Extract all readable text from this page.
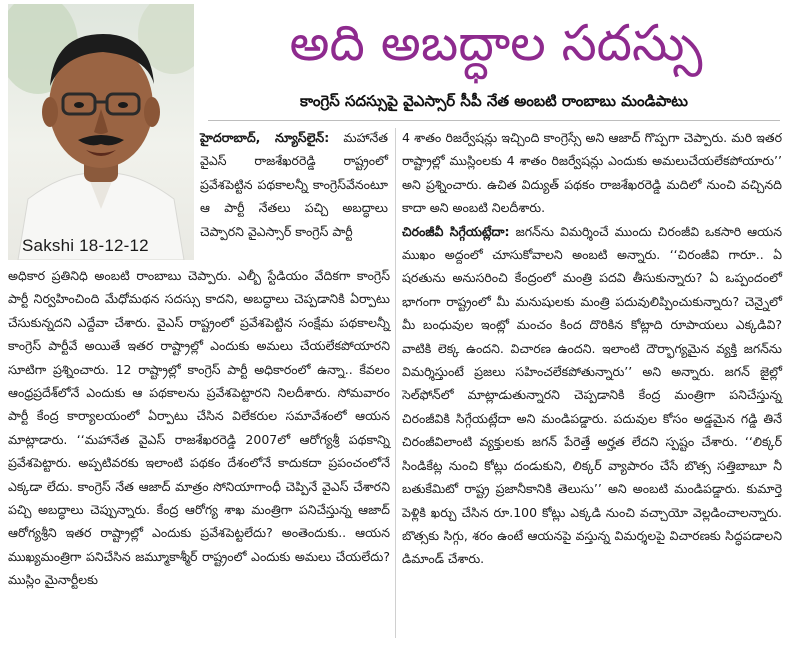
Sakshi 18-12-12
అది అబద్ధాల సదస్సు
కాంగ్రెస్ సదస్సుపై వైఎస్సార్ సీపీ నేత అంబటి రాంబాబు మండిపాటు

హైదరాబాద్, న్యూస్‌లైన్: మహానేత వైఎస్ రాజశేఖరరెడ్డి రాష్ట్రంలో ప్రవేశపెట్టిన పథకాలన్నీ కాంగ్రెస్‌వేనంటూ ఆ పార్టీ నేతలు పచ్చి అబద్ధాలు చెప్పారని వైఎస్సార్ కాంగ్రెస్ పార్టీ

అధికార ప్రతినిధి అంబటి రాంబాబు చెప్పారు. ఎల్బీ స్టేడియం వేదికగా కాంగ్రెస్ పార్టీ నిర్వహించింది మేధోమథన సదస్సు కాదని, అబద్ధాలు చెప్పడానికి ఏర్పాటు చేసుకున్నదని ఎద్దేవా చేశారు. వైఎస్ రాష్ట్రంలో ప్రవేశపెట్టిన సంక్షేమ పథకాలన్నీ కాంగ్రెస్ పార్టీవే అయితే ఇతర రాష్ట్రాల్లో ఎందుకు అమలు చేయలేకపోయారని సూటిగా ప్రశ్నించారు. 12 రాష్ట్రాల్లో కాంగ్రెస్ పార్టీ అధికారంలో ఉన్నా.. కేవలం ఆంధ్రప్రదేశ్‌లోనే ఎందుకు ఆ పథకాలను ప్రవేశపెట్టారని నిలదీశారు. సోమవారం పార్టీ కేంద్ర కార్యాలయంలో ఏర్పాటు చేసిన విలేకరుల సమావేశంలో ఆయన మాట్లాడారు. ‘‘మహానేత వైఎస్ రాజశేఖరరెడ్డి 2007లో ఆరోగ్యశ్రీ పథకాన్ని ప్రవేశపెట్టారు. అప్పటివరకు ఇలాంటి పథకం దేశంలోనే కాదుకదా ప్రపంచంలోనే ఎక్కడా లేదు. కాంగ్రెస్ నేత ఆజాద్ మాత్రం సోనియాగాంధీ చెప్పినే వైఎస్ చేశారని పచ్చి అబద్ధాలు చెప్పున్నారు. కేంద్ర ఆరోగ్య శాఖ మంత్రిగా పనిచేస్తున్న ఆజాద్ ఆరోగ్యశ్రీని ఇతర రాష్ట్రాల్లో ఎందుకు ప్రవేశపెట్టలేదు? అంతెందుకు.. ఆయన ముఖ్యమంత్రిగా పనిచేసిన జమ్మూకాశ్మీర్ రాష్ట్రంలో ఎందుకు అమలు చేయలేదు? ముస్లిం మైనార్టీలకు

4 శాతం రిజర్వేషన్లు ఇచ్చింది కాంగ్రెస్సే అని ఆజాద్ గొప్పగా చెప్పారు. మరి ఇతర రాష్ట్రాల్లో ముస్లింలకు 4 శాతం రిజర్వేషన్లు ఎందుకు అమలుచేయలేకపోయారు’’ అని ప్రశ్నించారు. ఉచిత విద్యుత్ పథకం రాజశేఖరరెడ్డి మదిలో నుంచి వచ్చినది కాదా అని అంబటి నిలదీశారు.

చిరంజీవీ సిగ్గేయట్లేదా: జగన్‌ను విమర్శించే ముందు చిరంజీవి ఒకసారి ఆయన ముఖం అద్దంలో చూసుకోవాలని అంబటి అన్నారు. ‘‘చిరంజీవి గారూ.. ఏ షరతును అనుసరించి కేంద్రంలో మంత్రి పదవి తీసుకున్నారు? ఏ ఒప్పందంలో భాగంగా రాష్ట్రంలో మీ మనుషులకు మంత్రి పదువులిప్పించుకున్నారు? చెన్నైలో మీ బంధువుల ఇంట్లో మంచం కింద దొరికిన కోట్లాది రూపాయలు ఎక్కడివి? వాటికి లెక్క ఉందని. విచారణ ఉందని. ఇలాంటి దౌర్భాగ్యమైన వ్యక్తి జగన్‌ను విమర్శిస్తుంటే ప్రజలు సహించలేకపోతున్నారు’’ అని అన్నారు. జగన్ జైల్లో సెల్‌ఫోన్‌లో మాట్లాడుతున్నారని చెప్పడానికి కేంద్ర మంత్రిగా పనిచేస్తున్న చిరంజీవికి సిగ్గేయట్లేదా అని మండిపడ్డారు. పదువుల కోసం అడ్డమైన గడ్డి తినే చిరంజీవిలాంటి వ్యక్తులకు జగన్ పేరెత్తే అర్హత లేదని స్పష్టం చేశారు. ‘‘లిక్కర్ సిండికేట్ల నుంచి కోట్లు దండుకుని, లిక్కర్ వ్యాపారం చేసే బొత్స సత్తిబాబూ నీ బతుకేమిటో రాష్ట్ర ప్రజానీకానికి తెలుసు’’ అని అంబటి మండిపడ్డారు. కుమార్తె పెళ్లికి ఖర్చు చేసిన రూ.100 కోట్లు ఎక్కడి నుంచి వచ్చాయో వెల్లడించాలన్నారు. బొత్సకు సిగ్గు, శరం ఉంటే ఆయనపై వస్తున్న విమర్శలపై విచారణకు సిద్ధపడాలని డిమాండ్ చేశారు.
